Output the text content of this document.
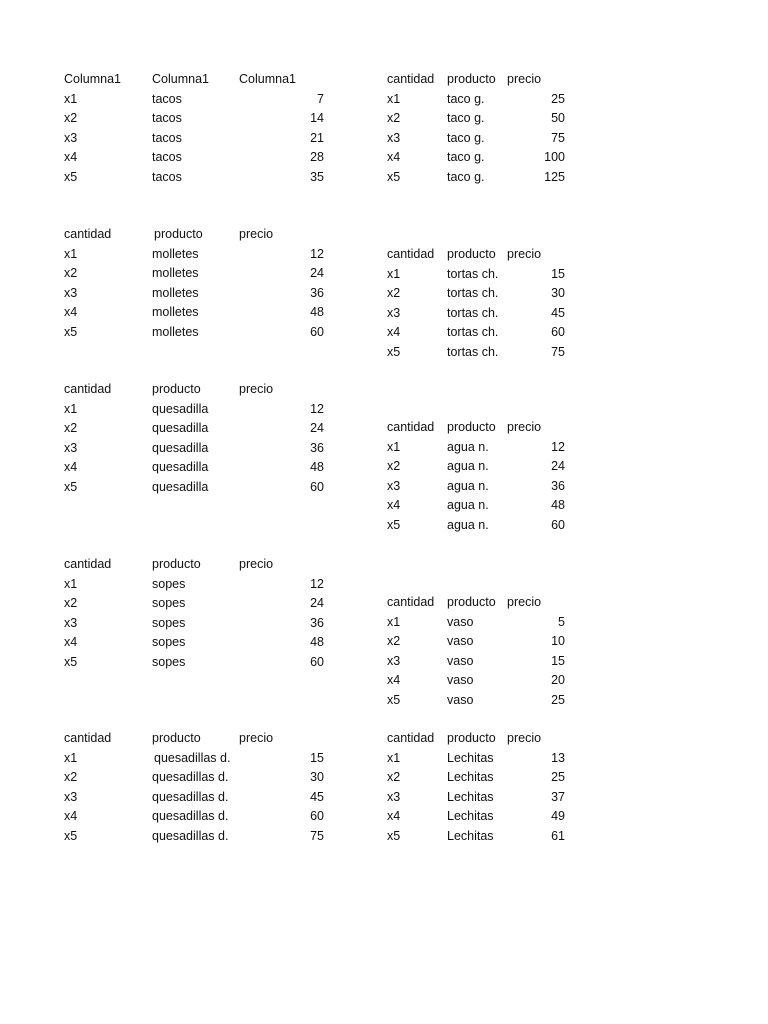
Columna1 Columna1 Columna1
x1	tacos	7
x2	tacos	14
x3	tacos	21
x4	tacos	28
x5	tacos	35
cantidad producto precio
x1	taco g.	25
x2	taco g.	50
x3	taco g.	75
x4	taco g.	100
x5	taco g.	125
cantidad	producto	precio
x1	molletes	12
x2	molletes	24
x3	molletes	36
x4	molletes	48
x5	molletes	60
cantidad producto precio
x1	tortas ch.	15
x2	tortas ch.	30
x3	tortas ch.	45
x4	tortas ch.	60
x5	tortas ch.	75
cantidad	producto	precio
x1	quesadilla	12
x2	quesadilla	24
x3	quesadilla	36
x4	quesadilla	48
x5	quesadilla	60
cantidad producto precio
x1	agua n.	12
x2	agua n.	24
x3	agua n.	36
x4	agua n.	48
x5	agua n.	60
cantidad	producto	precio
x1	sopes	12
x2	sopes	24
x3	sopes	36
x4	sopes	48
x5	sopes	60
cantidad producto precio
x1	vaso	5
x2	vaso	10
x3	vaso	15
x4	vaso	20
x5	vaso	25
cantidad	producto	precio
x1	quesadillas d.	15
x2	quesadillas d.	30
x3	quesadillas d.	45
x4	quesadillas d.	60
x5	quesadillas d.	75
cantidad producto precio
x1	Lechitas	13
x2	Lechitas	25
x3	Lechitas	37
x4	Lechitas	49
x5	Lechitas	61
